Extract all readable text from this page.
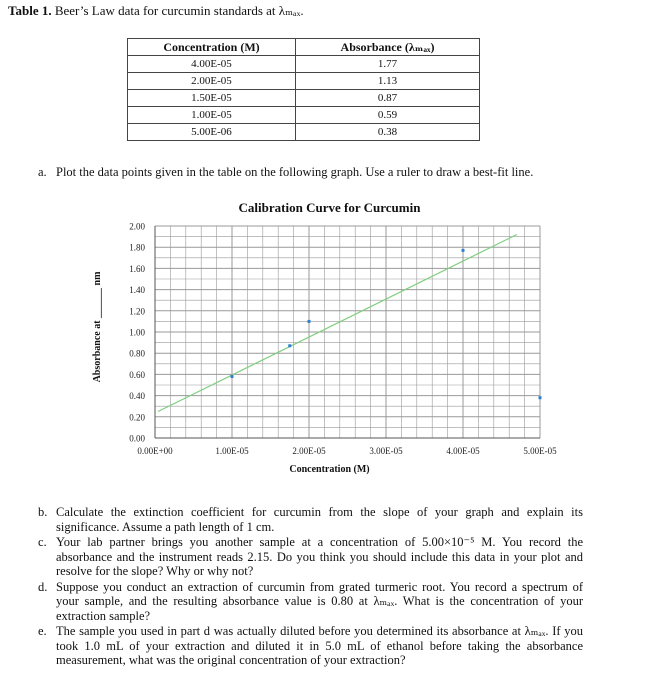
Table 1. Beer’s Law data for curcumin standards at λₘₐₓ.
Concentration (M)	Absorbance (λₘₐₓ)
4.00E-05	1.77
2.00E-05	1.13
1.50E-05	0.87
1.00E-05	0.59
5.00E-06	0.38
a. Plot the data points given in the table on the following graph. Use a ruler to draw a best-fit line.
Calibration Curve for Curcumin
0.00
0.20
0.40
0.60
0.80
1.00
1.20
1.40
1.60
1.80
2.00
0.00E+00	1.00E-05	2.00E-05	3.00E-05	4.00E-05	5.00E-05
Concentration (M)
Absorbance at ______ nm
b. Calculate the extinction coefficient for curcumin from the slope of your graph and explain its significance. Assume a path length of 1 cm.
c. Your lab partner brings you another sample at a concentration of 5.00×10⁻⁵ M. You record the absorbance and the instrument reads 2.15. Do you think you should include this data in your plot and resolve for the slope? Why or why not?
d. Suppose you conduct an extraction of curcumin from grated turmeric root. You record a spectrum of your sample, and the resulting absorbance value is 0.80 at λₘₐₓ. What is the concentration of your extraction sample?
e. The sample you used in part d was actually diluted before you determined its absorbance at λₘₐₓ. If you took 1.0 mL of your extraction and diluted it in 5.0 mL of ethanol before taking the absorbance measurement, what was the original concentration of your extraction?
